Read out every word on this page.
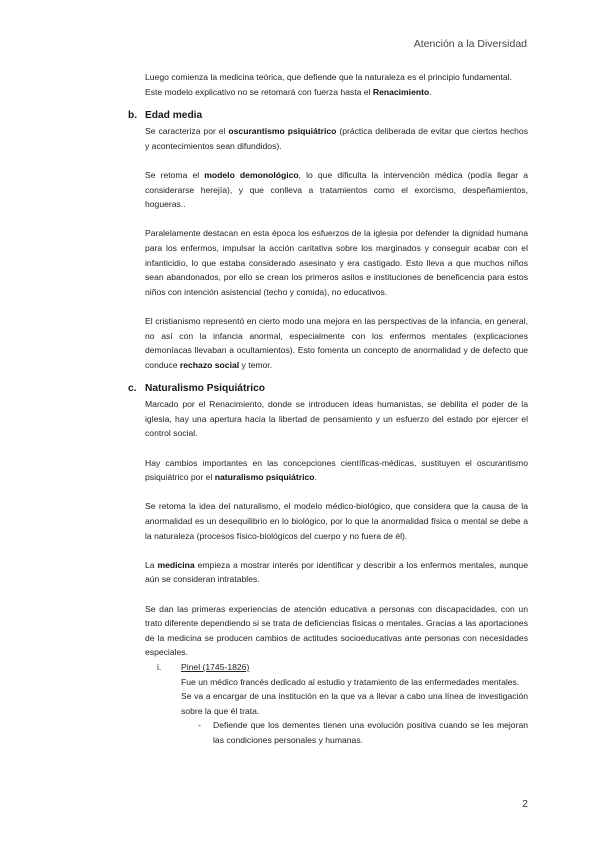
Atención a la Diversidad

Luego comienza la medicina teórica, que defiende que la naturaleza es el principio fundamental.

Este modelo explicativo no se retomará con fuerza hasta el Renacimiento.

b. Edad media

Se caracteriza por el oscurantismo psiquiátrico (práctica deliberada de evitar que ciertos hechos y acontecimientos sean difundidos).

Se retoma el modelo demonológico, lo que dificulta la intervención médica (podía llegar a considerarse herejía), y que conlleva a tratamientos como el exorcismo, despeñamientos, hogueras..

Paralelamente destacan en esta época los esfuerzos de la iglesia por defender la dignidad humana para los enfermos, impulsar la acción caritativa sobre los marginados y conseguir acabar con el infanticidio, lo que estaba considerado asesinato y era castigado. Esto lleva a que muchos niños sean abandonados, por ello se crean los primeros asilos e instituciones de beneficencia para estos niños con intención asistencial (techo y comida), no educativos.

El cristianismo representó en cierto modo una mejora en las perspectivas de la infancia, en general, no así con la infancia anormal, especialmente con los enfermos mentales (explicaciones demoníacas llevaban a ocultamientos). Esto fomenta un concepto de anormalidad y de defecto que conduce rechazo social y temor.

c. Naturalismo Psiquiátrico

Marcado por el Renacimiento, donde se introducen ideas humanistas, se debilita el poder de la iglesia, hay una apertura hacia la libertad de pensamiento y un esfuerzo del estado por ejercer el control social.

Hay cambios importantes en las concepciones científicas-médicas, sustituyen el oscurantismo psiquiátrico por el naturalismo psiquiátrico.

Se retoma la idea del naturalismo, el modelo médico-biológico, que considera que la causa de la anormalidad es un desequilibrio en lo biológico, por lo que la anormalidad física o mental se debe a la naturaleza (procesos físico-biológicos del cuerpo y no fuera de él).

La medicina empieza a mostrar interés por identificar y describir a los enfermos mentales, aunque aún se consideran intratables.

Se dan las primeras experiencias de atención educativa a personas con discapacidades, con un trato diferente dependiendo si se trata de deficiencias físicas o mentales. Gracias a las aportaciones de la medicina se producen cambios de actitudes socioeducativas ante personas con necesidades especiales.

i. Pinel (1745-1826)

Fue un médico francés dedicado al estudio y tratamiento de las enfermedades mentales.

Se va a encargar de una institución en la que va a llevar a cabo una línea de investigación sobre la que él trata.

- Defiende que los dementes tienen una evolución positiva cuando se les mejoran las condiciones personales y humanas.

2
